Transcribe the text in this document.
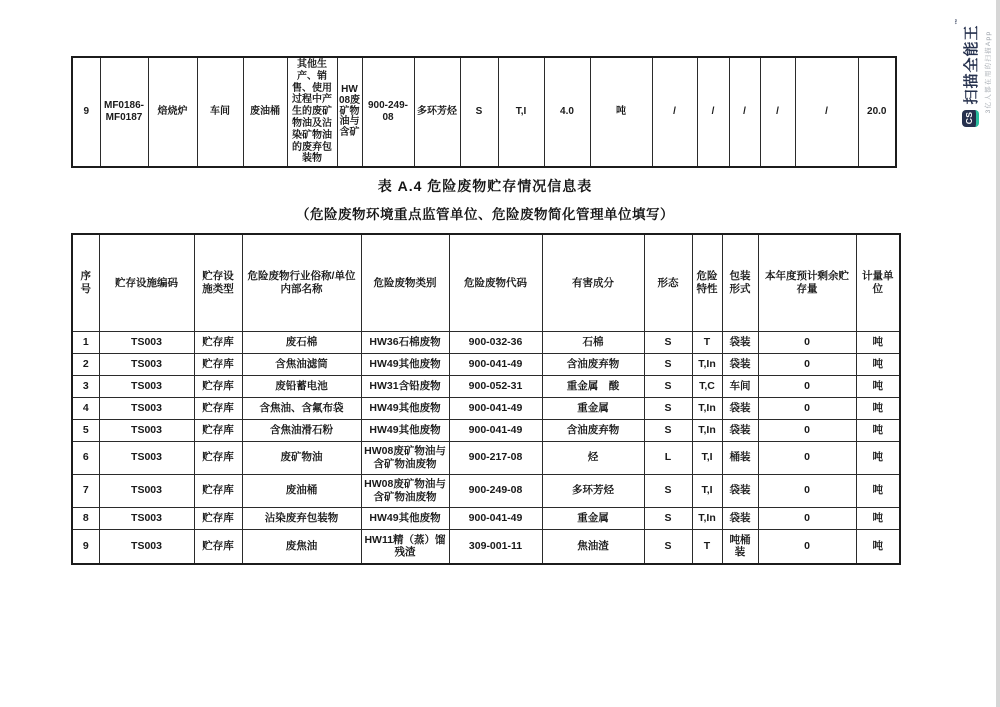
9	MF0186-MF0187	焙烧炉	车间	废油桶	其他生产、销售、使用过程中产生的废矿物油及沾染矿物油的废弃包装物	HW08废矿物油与含矿	900-249-08	多环芳烃	S	T,I	4.0	吨	/	/	/	/	/	20.0
表 A.4 危险废物贮存情况信息表
（危险废物环境重点监管单位、危险废物简化管理单位填写）
序号	贮存设施编码	贮存设施类型	危险废物行业俗称/单位内部名称	危险废物类别	危险废物代码	有害成分	形态	危险特性	包装形式	本年度预计剩余贮存量	计量单位
1	TS003	贮存库	废石棉	HW36石棉废物	900-032-36	石棉	S	T	袋装	0	吨
2	TS003	贮存库	含焦油滤筒	HW49其他废物	900-041-49	含油废弃物	S	T,In	袋装	0	吨
3	TS003	贮存库	废铅蓄电池	HW31含铅废物	900-052-31	重金属　酸	S	T,C	车间	0	吨
4	TS003	贮存库	含焦油、含氟布袋	HW49其他废物	900-041-49	重金属	S	T,In	袋装	0	吨
5	TS003	贮存库	含焦油滑石粉	HW49其他废物	900-041-49	含油废弃物	S	T,In	袋装	0	吨
6	TS003	贮存库	废矿物油	HW08废矿物油与含矿物油废物	900-217-08	烃	L	T,I	桶装	0	吨
7	TS003	贮存库	废油桶	HW08废矿物油与含矿物油废物	900-249-08	多环芳烃	S	T,I	袋装	0	吨
8	TS003	贮存库	沾染废弃包装物	HW49其他废物	900-041-49	重金属	S	T,In	袋装	0	吨
9	TS003	贮存库	废焦油	HW11精（蒸）馏残渣	309-001-11	焦油渣	S	T	吨桶装	0	吨
CS
扫描全能王™
3亿人都在用的扫描App
